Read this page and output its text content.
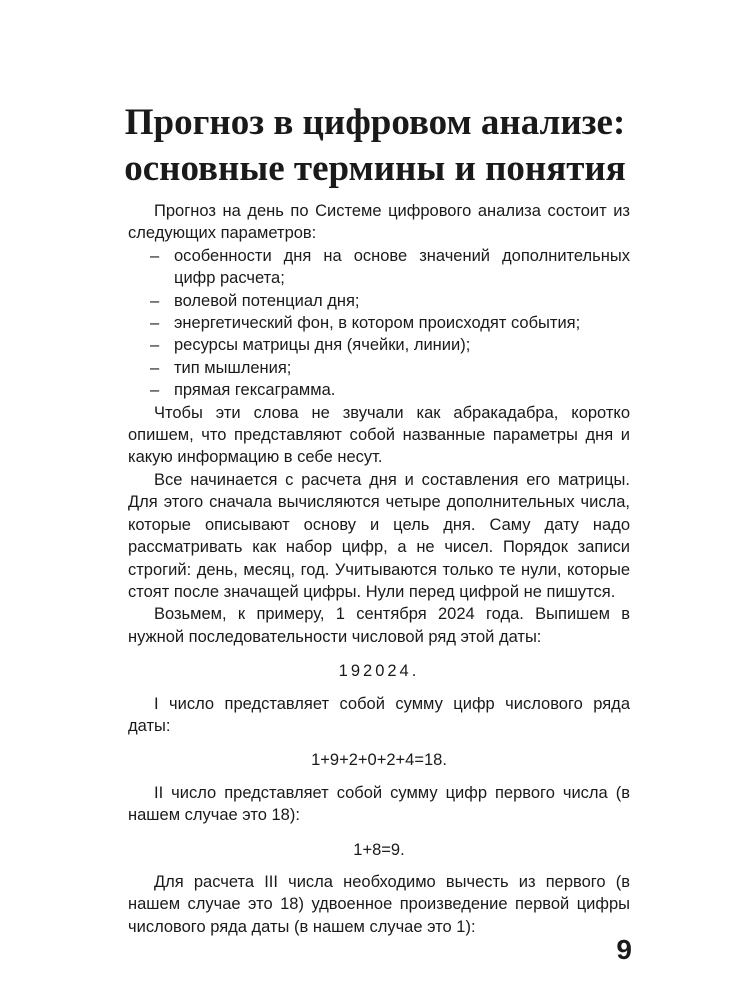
Прогноз в цифровом анализе:
основные термины и понятия

Прогноз на день по Системе цифрового анализа состоит из следующих параметров:

– особенности дня на основе значений дополнительных цифр расчета;
– волевой потенциал дня;
– энергетический фон, в котором происходят события;
– ресурсы матрицы дня (ячейки, линии);
– тип мышления;
– прямая гексаграмма.

Чтобы эти слова не звучали как абракадабра, коротко опишем, что представляют собой названные параметры дня и какую информацию в себе несут.

Все начинается с расчета дня и составления его матрицы. Для этого сначала вычисляются четыре дополнительных числа, которые описывают основу и цель дня. Саму дату надо рассматривать как набор цифр, а не чисел. Порядок записи строгий: день, месяц, год. Учитываются только те нули, которые стоят после значащей цифры. Нули перед цифрой не пишутся.

Возьмем, к примеру, 1 сентября 2024 года. Выпишем в нужной последовательности числовой ряд этой даты:

192024.

I число представляет собой сумму цифр числового ряда даты:

1+9+2+0+2+4=18.

II число представляет собой сумму цифр первого числа (в нашем случае это 18):

1+8=9.

Для расчета III числа необходимо вычесть из первого (в нашем случае это 18) удвоенное произведение первой цифры числового ряда даты (в нашем случае это 1):

9
